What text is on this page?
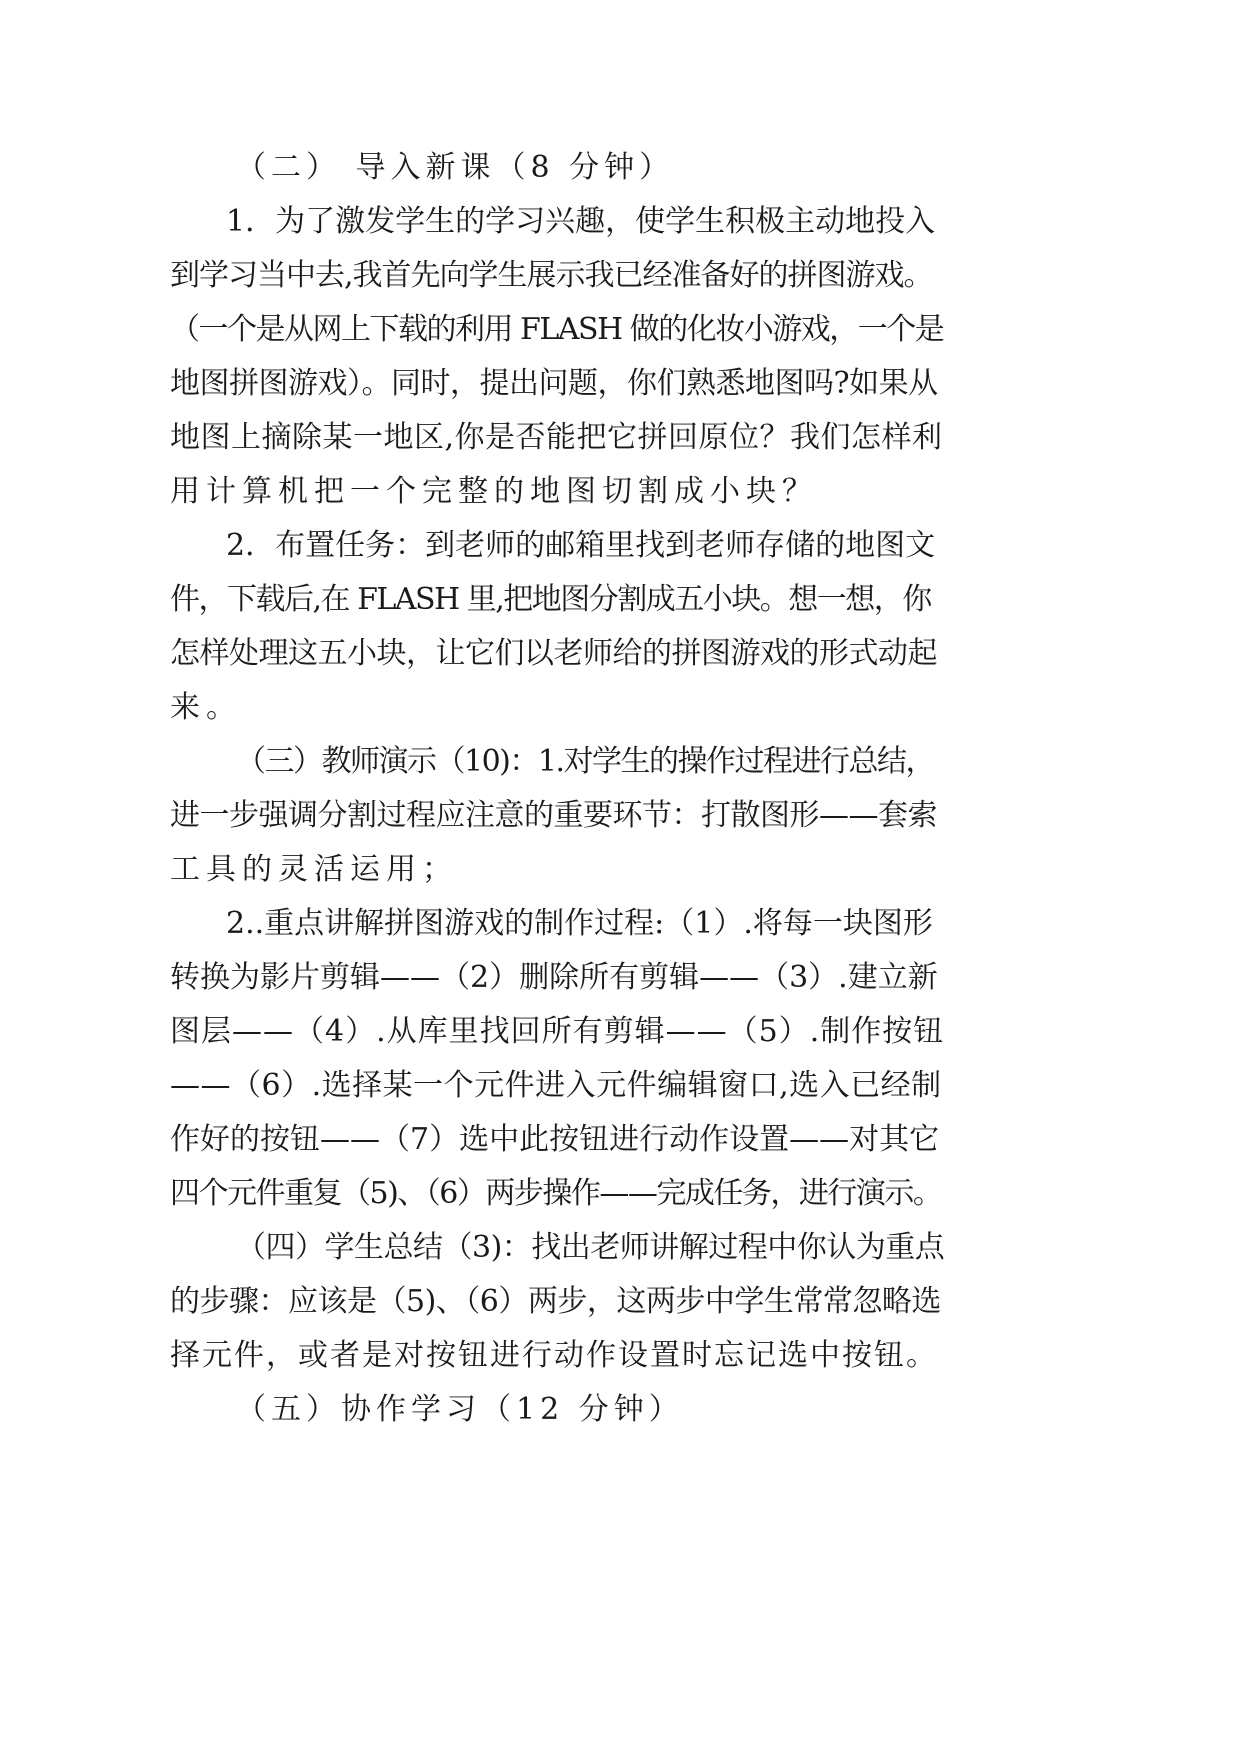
（二） 导入新课（8 分钟）
1．为了激发学生的学习兴趣，使学生积极主动地投入
到学习当中去,我首先向学生展示我已经准备好的拼图游戏。
（一个是从网上下载的利用 FLASH 做的化妆小游戏，一个是
地图拼图游戏）。同时，提出问题，你们熟悉地图吗?如果从
地图上摘除某一地区,你是否能把它拼回原位？我们怎样利
用计算机把一个完整的地图切割成小块？
2．布置任务：到老师的邮箱里找到老师存储的地图文
件，下载后,在 FLASH 里,把地图分割成五小块。想一想，你
怎样处理这五小块，让它们以老师给的拼图游戏的形式动起
来。
（三）教师演示（10)：1.对学生的操作过程进行总结，
进一步强调分割过程应注意的重要环节：打散图形——套索
工具的灵活运用；
2..重点讲解拼图游戏的制作过程:（1）.将每一块图形
转换为影片剪辑——（2）删除所有剪辑——（3）.建立新
图层——（4）.从库里找回所有剪辑——（5）.制作按钮
——（6）.选择某一个元件进入元件编辑窗口,选入已经制
作好的按钮——（7）选中此按钮进行动作设置——对其它
四个元件重复（5)、（6）两步操作——完成任务，进行演示。
（四）学生总结（3)：找出老师讲解过程中你认为重点
的步骤：应该是（5)、（6）两步，这两步中学生常常忽略选
择元件，或者是对按钮进行动作设置时忘记选中按钮。
（五）协作学习（12 分钟）
